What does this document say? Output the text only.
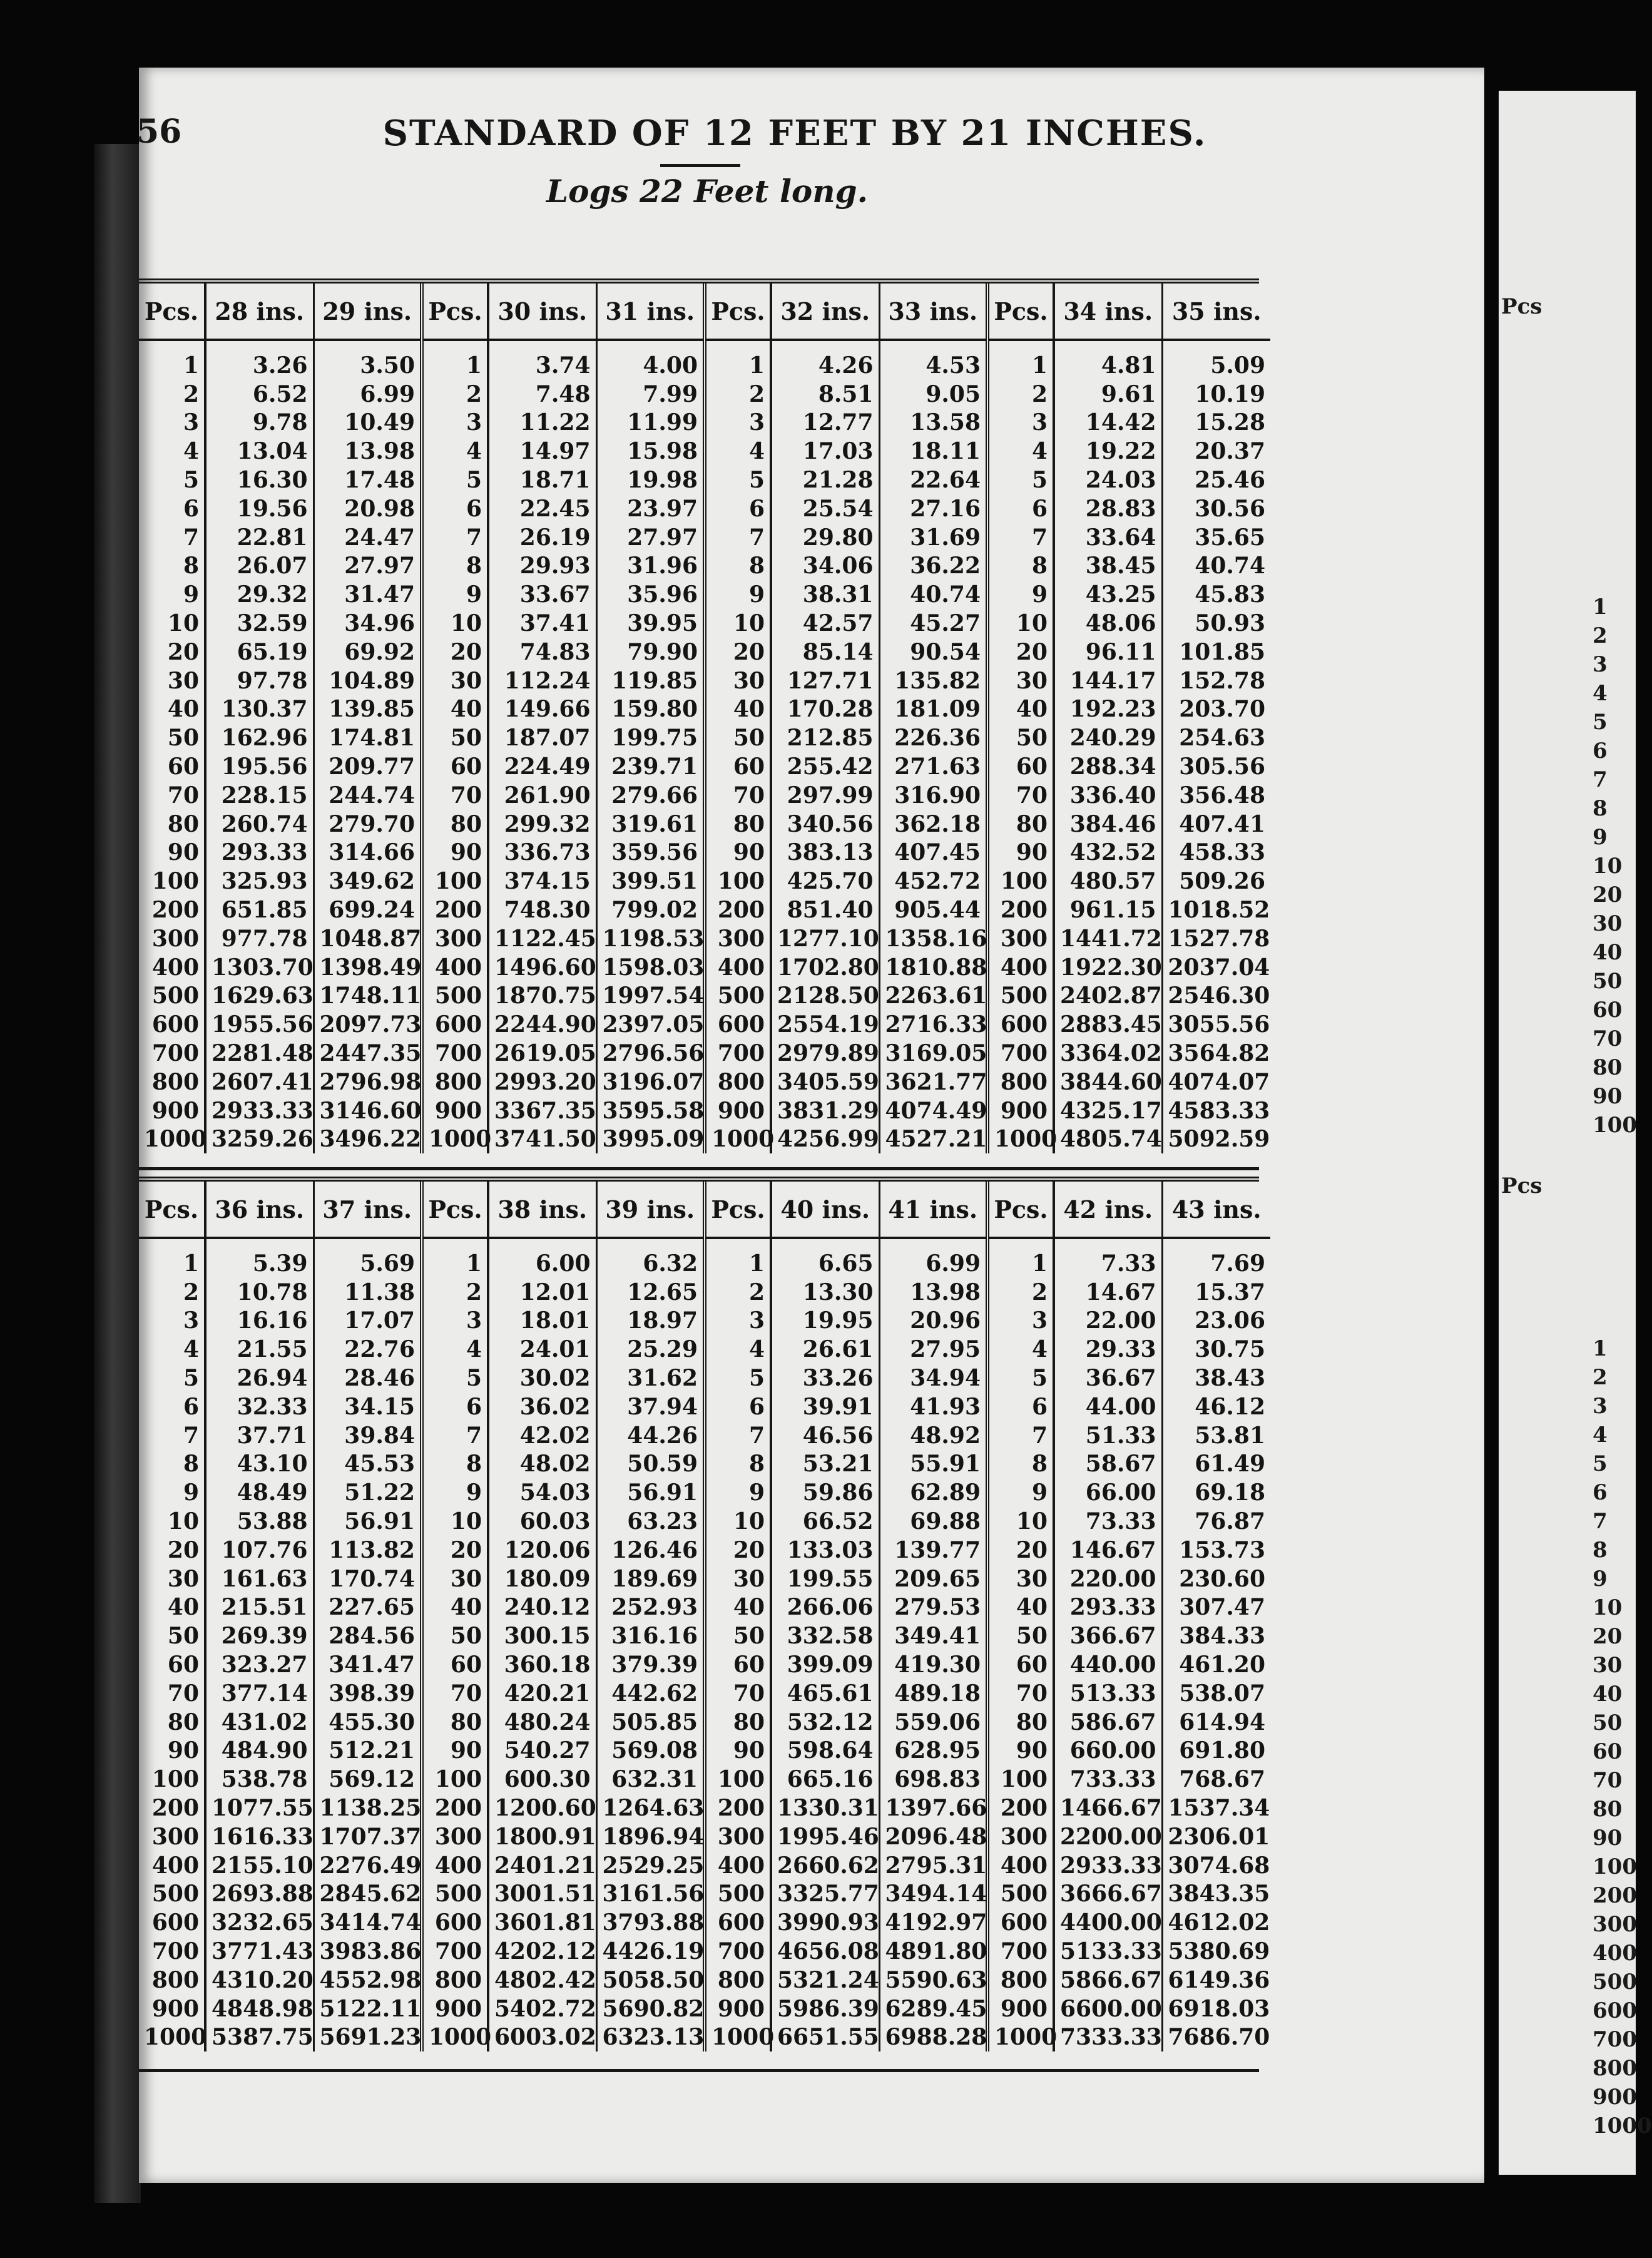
Pcs
1
2
3
4
5
6
7
8
9
10
20
30
40
50
60
70
80
90
100
Pcs
1
2
3
4
5
6
7
8
9
10
20
30
40
50
60
70
80
90
100
200
300
400
500
600
700
800
900
1000
56	STANDARD OF 12 FEET BY 21 INCHES.
Logs 22 Feet long.
Pcs.	28 ins.	29 ins.	Pcs.	30 ins.	31 ins.	Pcs.	32 ins.	33 ins.	Pcs.	34 ins.	35 ins.
1	3.26	3.50	1	3.74	4.00	1	4.26	4.53	1	4.81	5.09
2	6.52	6.99	2	7.48	7.99	2	8.51	9.05	2	9.61	10.19
3	9.78	10.49	3	11.22	11.99	3	12.77	13.58	3	14.42	15.28
4	13.04	13.98	4	14.97	15.98	4	17.03	18.11	4	19.22	20.37
5	16.30	17.48	5	18.71	19.98	5	21.28	22.64	5	24.03	25.46
6	19.56	20.98	6	22.45	23.97	6	25.54	27.16	6	28.83	30.56
7	22.81	24.47	7	26.19	27.97	7	29.80	31.69	7	33.64	35.65
8	26.07	27.97	8	29.93	31.96	8	34.06	36.22	8	38.45	40.74
9	29.32	31.47	9	33.67	35.96	9	38.31	40.74	9	43.25	45.83
10	32.59	34.96	10	37.41	39.95	10	42.57	45.27	10	48.06	50.93
20	65.19	69.92	20	74.83	79.90	20	85.14	90.54	20	96.11	101.85
30	97.78	104.89	30	112.24	119.85	30	127.71	135.82	30	144.17	152.78
40	130.37	139.85	40	149.66	159.80	40	170.28	181.09	40	192.23	203.70
50	162.96	174.81	50	187.07	199.75	50	212.85	226.36	50	240.29	254.63
60	195.56	209.77	60	224.49	239.71	60	255.42	271.63	60	288.34	305.56
70	228.15	244.74	70	261.90	279.66	70	297.99	316.90	70	336.40	356.48
80	260.74	279.70	80	299.32	319.61	80	340.56	362.18	80	384.46	407.41
90	293.33	314.66	90	336.73	359.56	90	383.13	407.45	90	432.52	458.33
100	325.93	349.62	100	374.15	399.51	100	425.70	452.72	100	480.57	509.26
200	651.85	699.24	200	748.30	799.02	200	851.40	905.44	200	961.15	1018.52
300	977.78	1048.87	300	1122.45	1198.53	300	1277.10	1358.16	300	1441.72	1527.78
400	1303.70	1398.49	400	1496.60	1598.03	400	1702.80	1810.88	400	1922.30	2037.04
500	1629.63	1748.11	500	1870.75	1997.54	500	2128.50	2263.61	500	2402.87	2546.30
600	1955.56	2097.73	600	2244.90	2397.05	600	2554.19	2716.33	600	2883.45	3055.56
700	2281.48	2447.35	700	2619.05	2796.56	700	2979.89	3169.05	700	3364.02	3564.82
800	2607.41	2796.98	800	2993.20	3196.07	800	3405.59	3621.77	800	3844.60	4074.07
900	2933.33	3146.60	900	3367.35	3595.58	900	3831.29	4074.49	900	4325.17	4583.33
1000	3259.26	3496.22	1000	3741.50	3995.09	1000	4256.99	4527.21	1000	4805.74	5092.59
Pcs.	36 ins.	37 ins.	Pcs.	38 ins.	39 ins.	Pcs.	40 ins.	41 ins.	Pcs.	42 ins.	43 ins.
1	5.39	5.69	1	6.00	6.32	1	6.65	6.99	1	7.33	7.69
2	10.78	11.38	2	12.01	12.65	2	13.30	13.98	2	14.67	15.37
3	16.16	17.07	3	18.01	18.97	3	19.95	20.96	3	22.00	23.06
4	21.55	22.76	4	24.01	25.29	4	26.61	27.95	4	29.33	30.75
5	26.94	28.46	5	30.02	31.62	5	33.26	34.94	5	36.67	38.43
6	32.33	34.15	6	36.02	37.94	6	39.91	41.93	6	44.00	46.12
7	37.71	39.84	7	42.02	44.26	7	46.56	48.92	7	51.33	53.81
8	43.10	45.53	8	48.02	50.59	8	53.21	55.91	8	58.67	61.49
9	48.49	51.22	9	54.03	56.91	9	59.86	62.89	9	66.00	69.18
10	53.88	56.91	10	60.03	63.23	10	66.52	69.88	10	73.33	76.87
20	107.76	113.82	20	120.06	126.46	20	133.03	139.77	20	146.67	153.73
30	161.63	170.74	30	180.09	189.69	30	199.55	209.65	30	220.00	230.60
40	215.51	227.65	40	240.12	252.93	40	266.06	279.53	40	293.33	307.47
50	269.39	284.56	50	300.15	316.16	50	332.58	349.41	50	366.67	384.33
60	323.27	341.47	60	360.18	379.39	60	399.09	419.30	60	440.00	461.20
70	377.14	398.39	70	420.21	442.62	70	465.61	489.18	70	513.33	538.07
80	431.02	455.30	80	480.24	505.85	80	532.12	559.06	80	586.67	614.94
90	484.90	512.21	90	540.27	569.08	90	598.64	628.95	90	660.00	691.80
100	538.78	569.12	100	600.30	632.31	100	665.16	698.83	100	733.33	768.67
200	1077.55	1138.25	200	1200.60	1264.63	200	1330.31	1397.66	200	1466.67	1537.34
300	1616.33	1707.37	300	1800.91	1896.94	300	1995.46	2096.48	300	2200.00	2306.01
400	2155.10	2276.49	400	2401.21	2529.25	400	2660.62	2795.31	400	2933.33	3074.68
500	2693.88	2845.62	500	3001.51	3161.56	500	3325.77	3494.14	500	3666.67	3843.35
600	3232.65	3414.74	600	3601.81	3793.88	600	3990.93	4192.97	600	4400.00	4612.02
700	3771.43	3983.86	700	4202.12	4426.19	700	4656.08	4891.80	700	5133.33	5380.69
800	4310.20	4552.98	800	4802.42	5058.50	800	5321.24	5590.63	800	5866.67	6149.36
900	4848.98	5122.11	900	5402.72	5690.82	900	5986.39	6289.45	900	6600.00	6918.03
1000	5387.75	5691.23	1000	6003.02	6323.13	1000	6651.55	6988.28	1000	7333.33	7686.70
